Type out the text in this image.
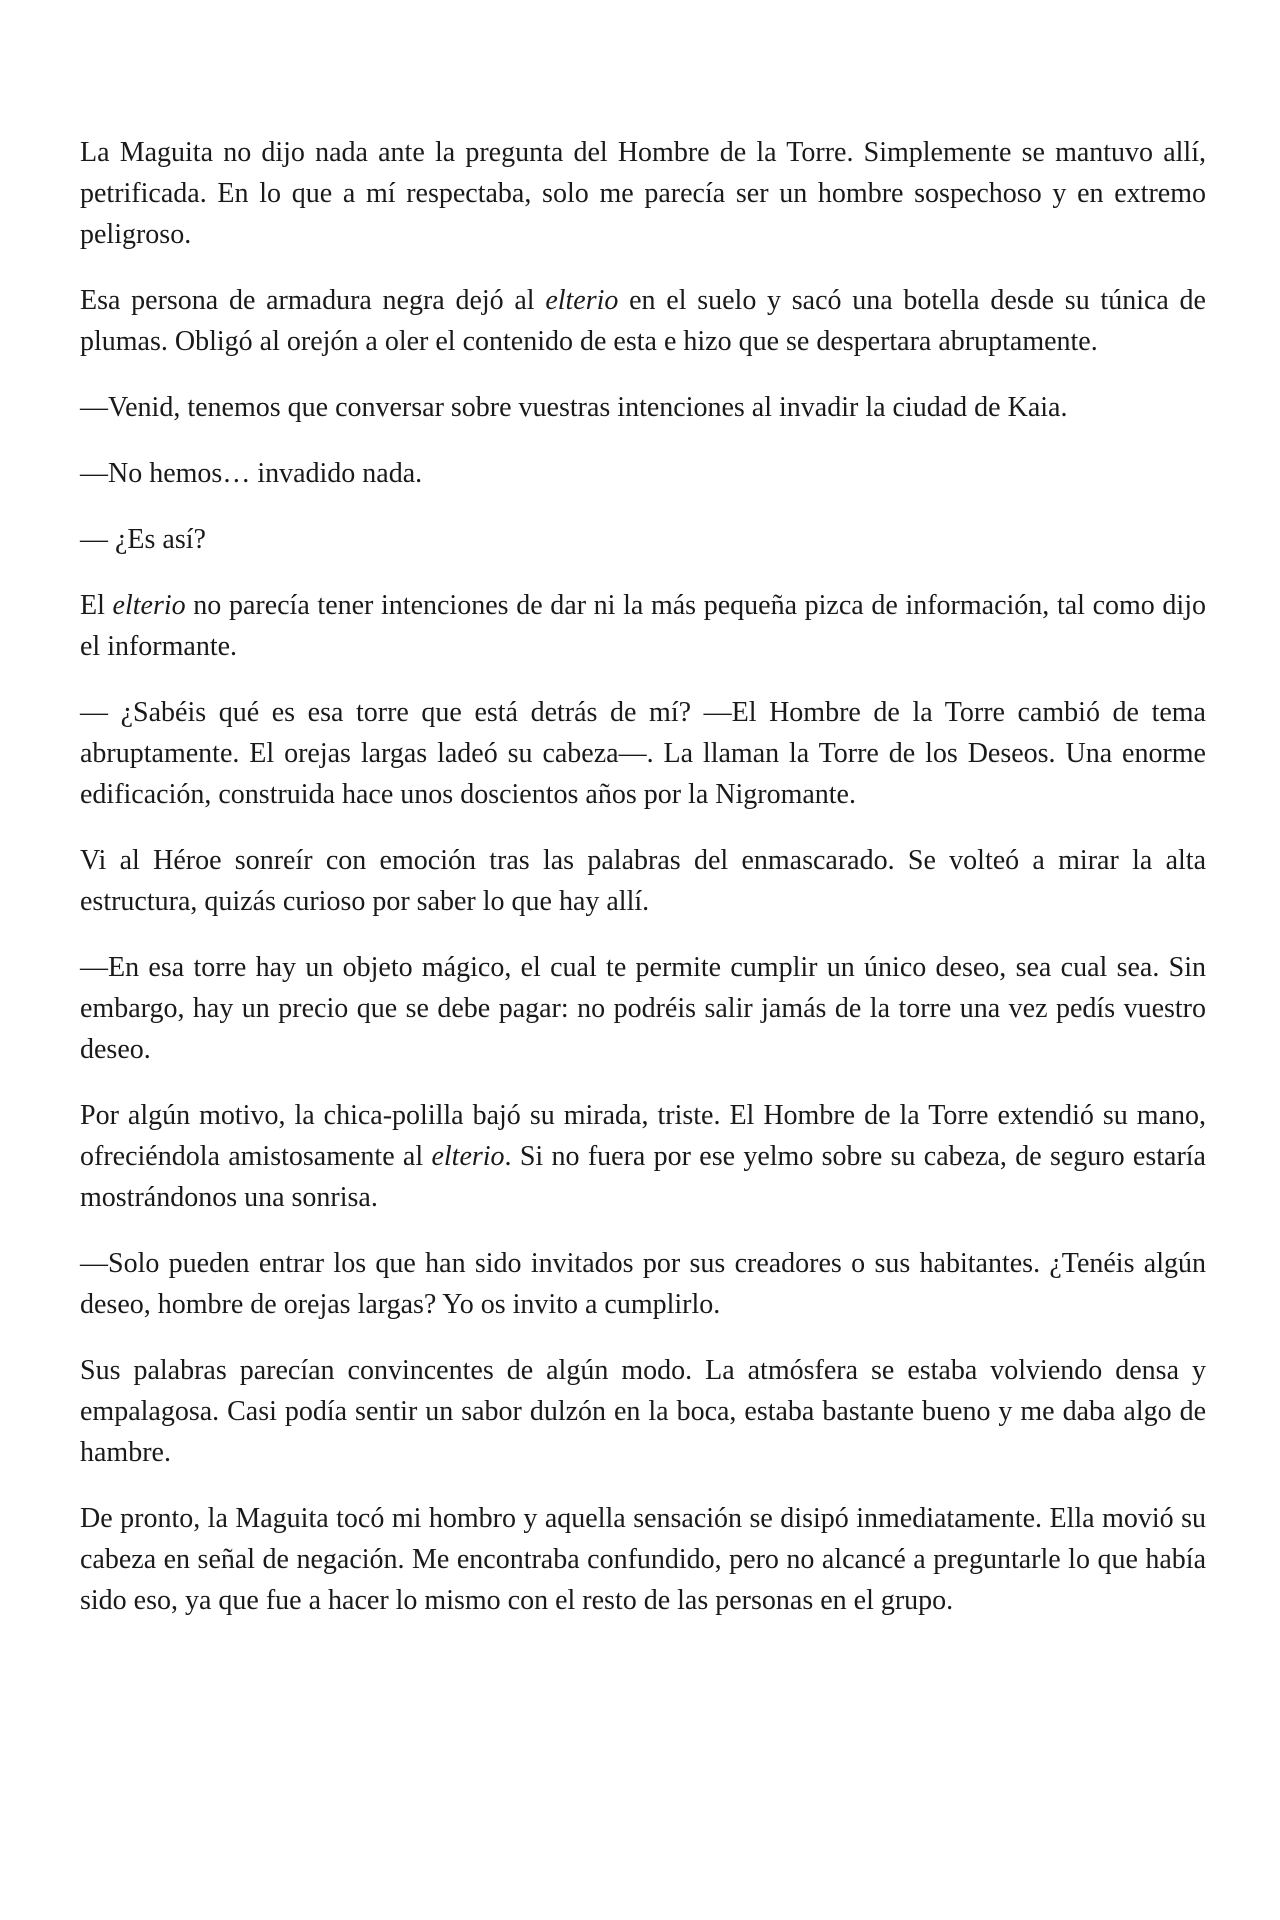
La Maguita no dijo nada ante la pregunta del Hombre de la Torre. Simplemente se mantuvo allí, petrificada. En lo que a mí respectaba, solo me parecía ser un hombre sospechoso y en extremo peligroso.

Esa persona de armadura negra dejó al elterio en el suelo y sacó una botella desde su túnica de plumas. Obligó al orejón a oler el contenido de esta e hizo que se despertara abruptamente.

—Venid, tenemos que conversar sobre vuestras intenciones al invadir la ciudad de Kaia.

—No hemos… invadido nada.

— ¿Es así?

El elterio no parecía tener intenciones de dar ni la más pequeña pizca de información, tal como dijo el informante.

— ¿Sabéis qué es esa torre que está detrás de mí? —El Hombre de la Torre cambió de tema abruptamente. El orejas largas ladeó su cabeza—. La llaman la Torre de los Deseos. Una enorme edificación, construida hace unos doscientos años por la Nigromante.

Vi al Héroe sonreír con emoción tras las palabras del enmascarado. Se volteó a mirar la alta estructura, quizás curioso por saber lo que hay allí.

—En esa torre hay un objeto mágico, el cual te permite cumplir un único deseo, sea cual sea. Sin embargo, hay un precio que se debe pagar: no podréis salir jamás de la torre una vez pedís vuestro deseo.

Por algún motivo, la chica-polilla bajó su mirada, triste. El Hombre de la Torre extendió su mano, ofreciéndola amistosamente al elterio. Si no fuera por ese yelmo sobre su cabeza, de seguro estaría mostrándonos una sonrisa.

—Solo pueden entrar los que han sido invitados por sus creadores o sus habitantes. ¿Tenéis algún deseo, hombre de orejas largas? Yo os invito a cumplirlo.

Sus palabras parecían convincentes de algún modo. La atmósfera se estaba volviendo densa y empalagosa. Casi podía sentir un sabor dulzón en la boca, estaba bastante bueno y me daba algo de hambre.

De pronto, la Maguita tocó mi hombro y aquella sensación se disipó inmediatamente. Ella movió su cabeza en señal de negación. Me encontraba confundido, pero no alcancé a preguntarle lo que había sido eso, ya que fue a hacer lo mismo con el resto de las personas en el grupo.
